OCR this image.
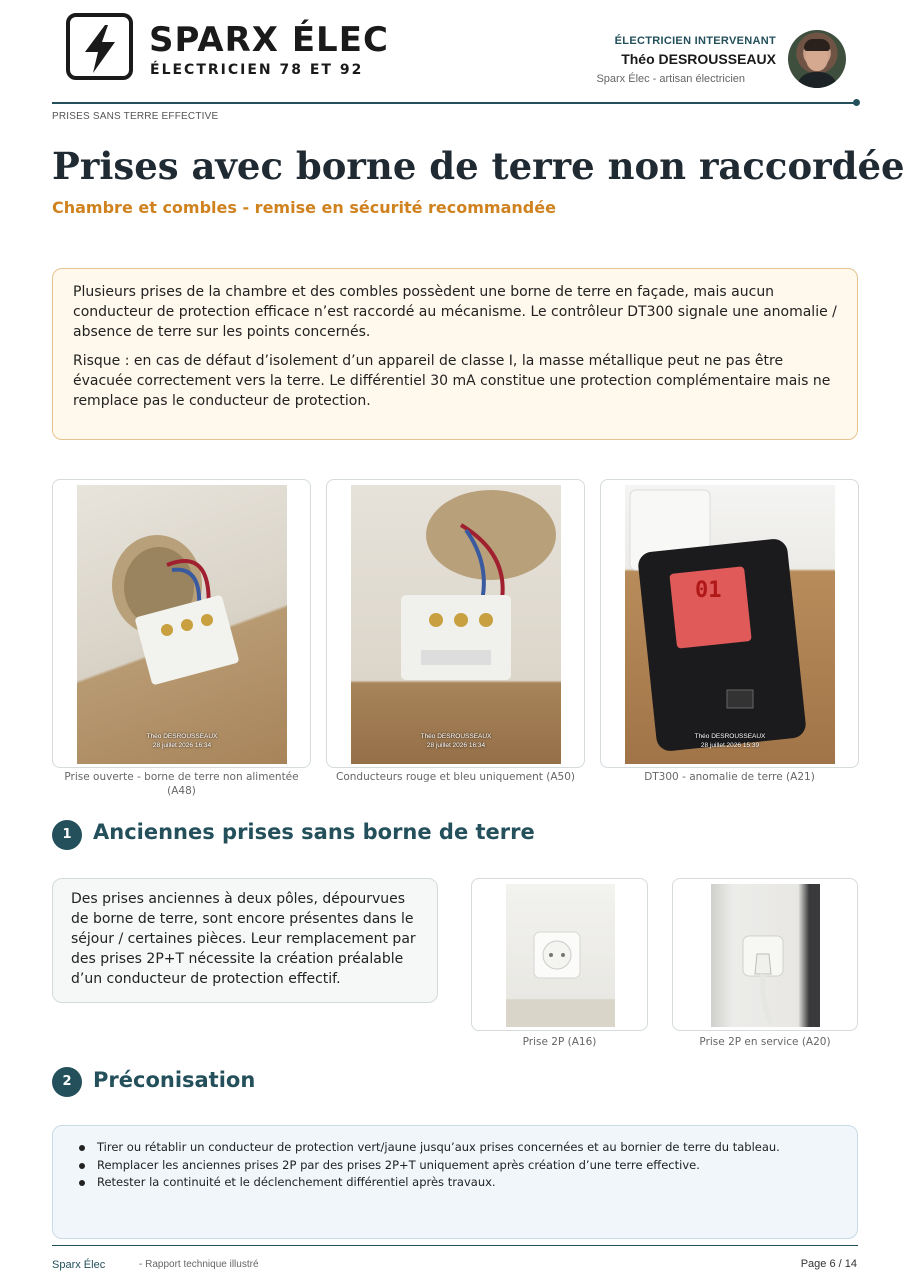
SPARX ÉLEC
ÉLECTRICIEN 78 ET 92
ÉLECTRICIEN INTERVENANT
Théo DESROUSSEAUX
Sparx Élec - artisan électricien
PRISES SANS TERRE EFFECTIVE
Prises avec borne de terre non raccordée
Chambre et combles - remise en sécurité recommandée

Plusieurs prises de la chambre et des combles possèdent une borne de terre en façade, mais aucun conducteur de protection efficace n’est raccordé au mécanisme. Le contrôleur DT300 signale une anomalie / absence de terre sur les points concernés.

Risque : en cas de défaut d’isolement d’un appareil de classe I, la masse métallique peut ne pas être évacuée correctement vers la terre. Le différentiel 30 mA constitue une protection complémentaire mais ne remplace pas le conducteur de protection.

Théo DESROUSSEAUX
28 juillet 2026 16:34
Prise ouverte - borne de terre non alimentée (A48)
Théo DESROUSSEAUX
28 juillet 2026 16:34
Conducteurs rouge et bleu uniquement (A50)
01
Théo DESROUSSEAUX
28 juillet 2026 15:39
DT300 - anomalie de terre (A21)
1	Anciennes prises sans borne de terre

Des prises anciennes à deux pôles, dépourvues de borne de terre, sont encore présentes dans le séjour / certaines pièces. Leur remplacement par des prises 2P+T nécessite la création préalable d’un conducteur de protection effectif.

Prise 2P (A16)	Prise 2P en service (A20)
2	Préconisation
Tirer ou rétablir un conducteur de protection vert/jaune jusqu’aux prises concernées et au bornier de terre du tableau.
Remplacer les anciennes prises 2P par des prises 2P+T uniquement après création d’une terre effective.
Retester la continuité et le déclenchement différentiel après travaux.
Sparx Élec	- Rapport technique illustré	Page 6 / 14
